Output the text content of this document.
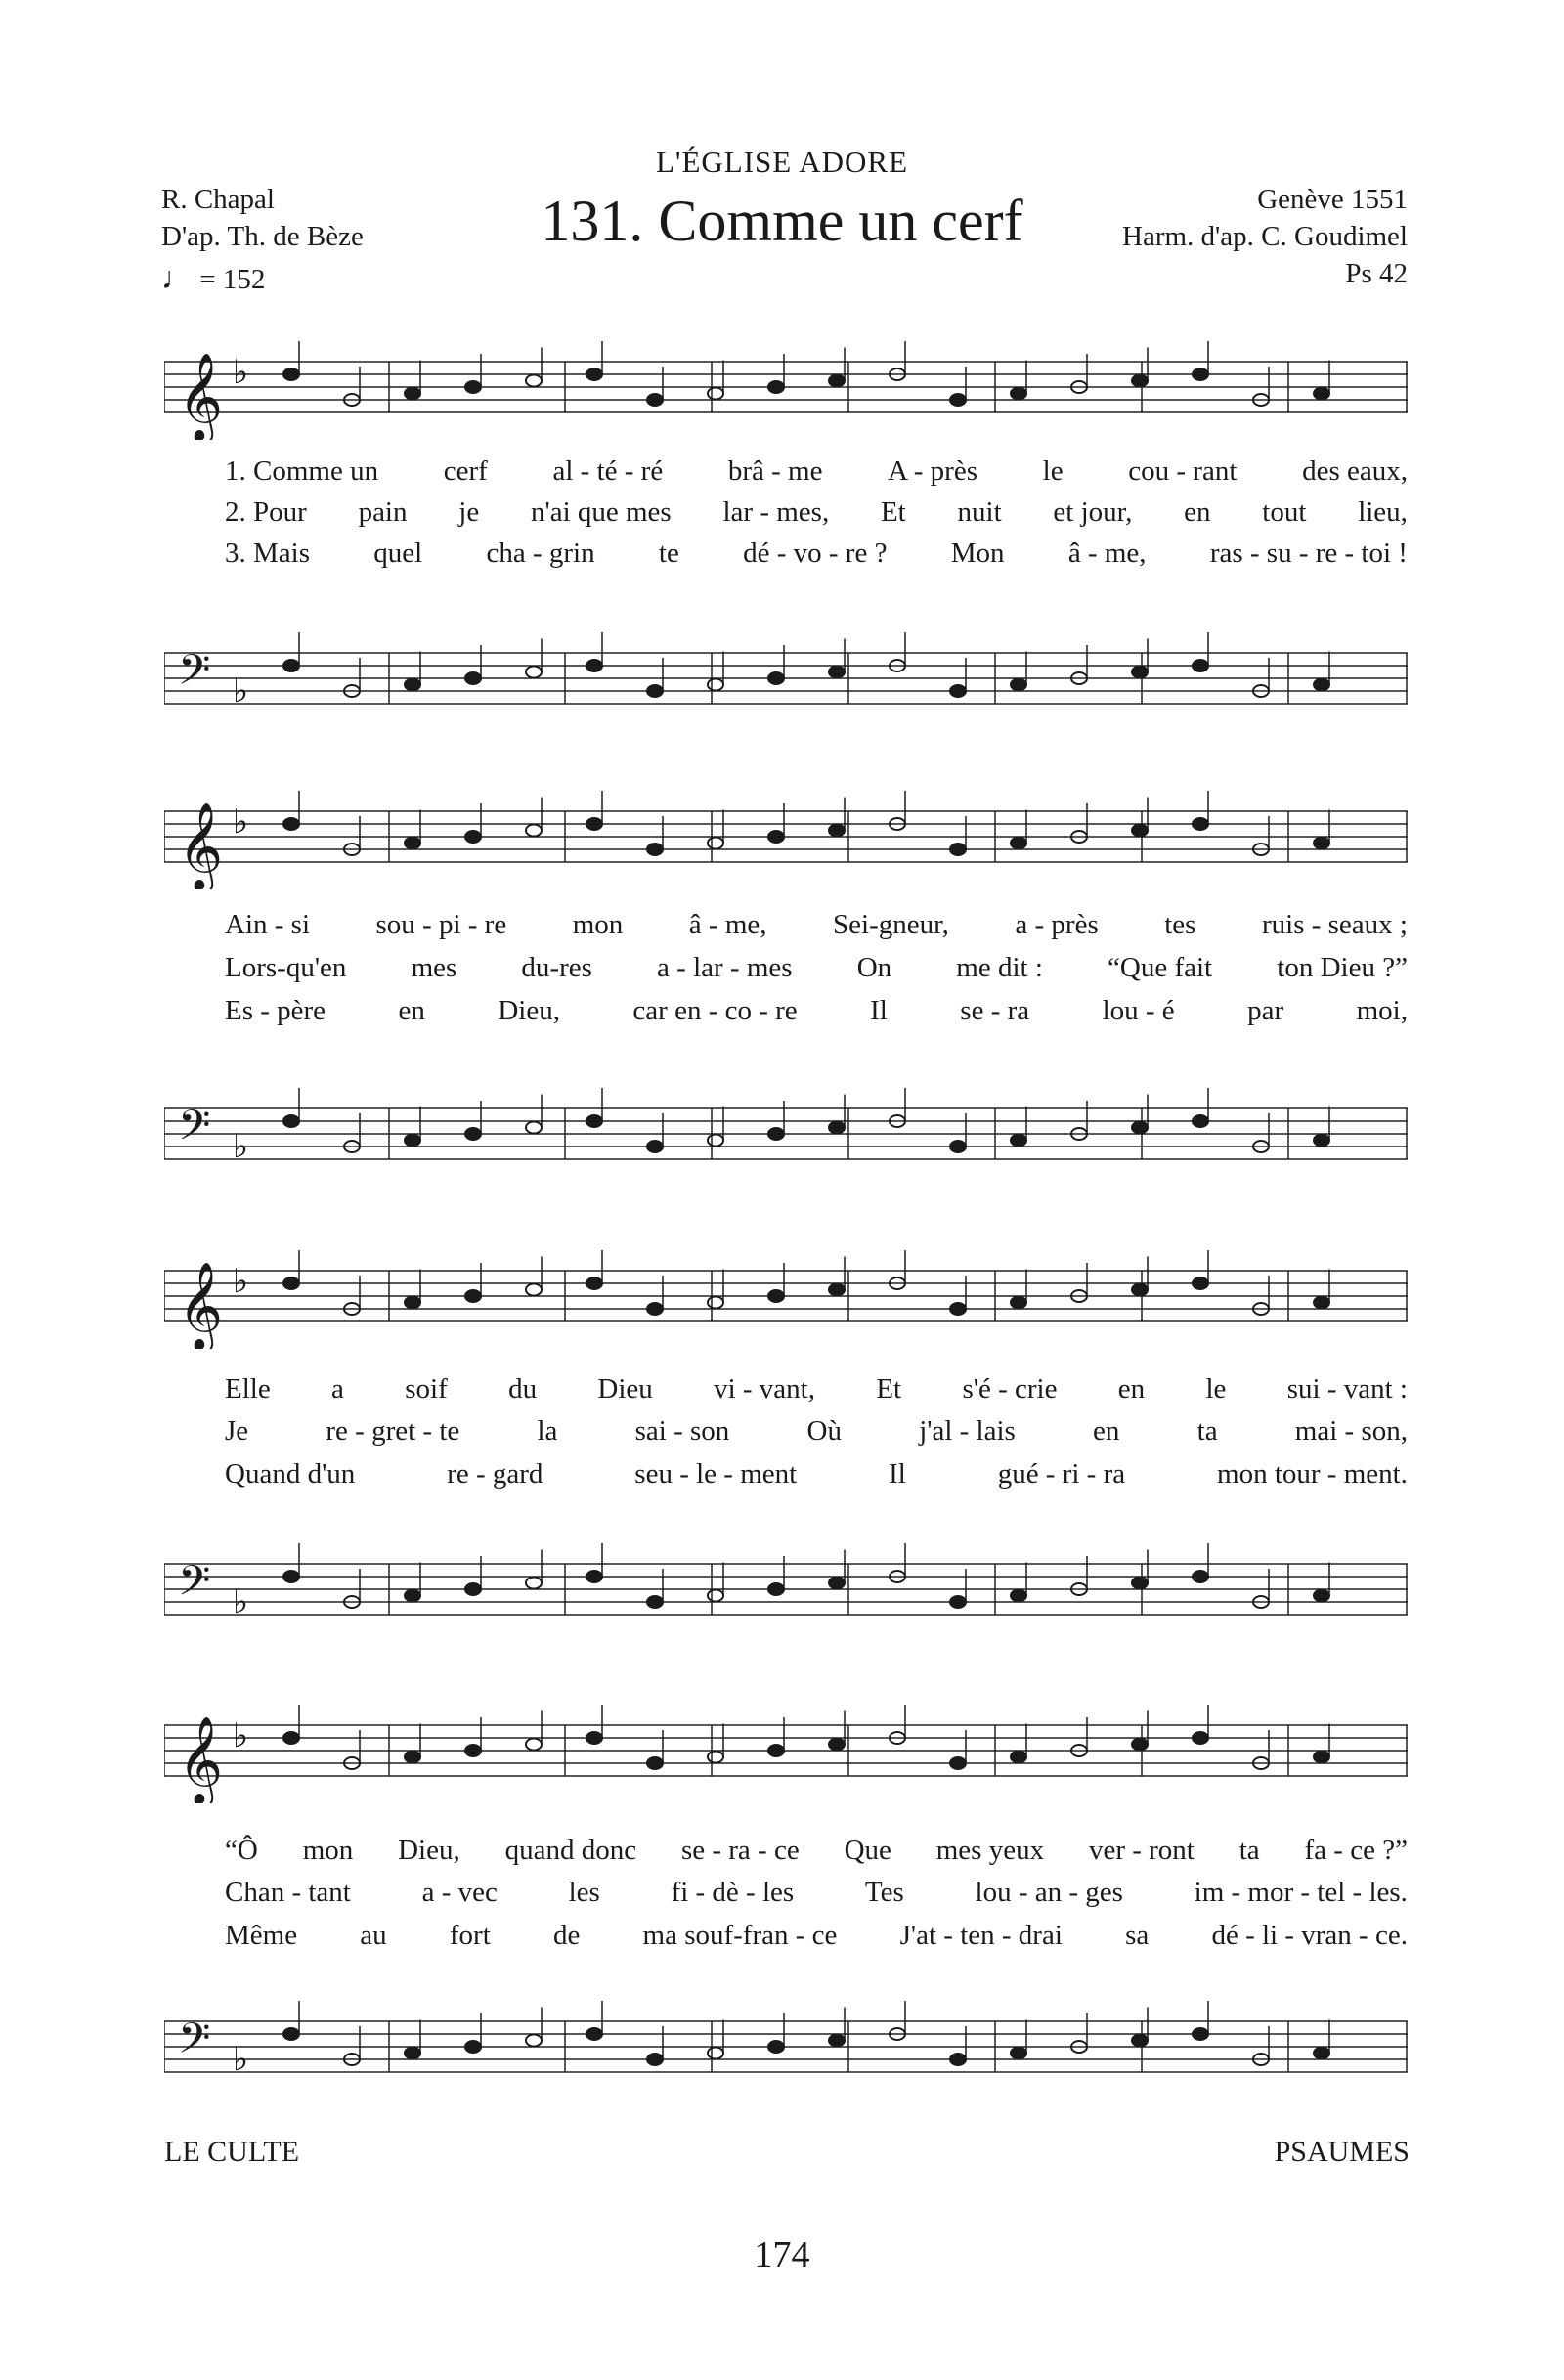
L'ÉGLISE ADORE
131. Comme un cerf
R. Chapal
D'ap. Th. de Bèze
♩ = 152
Genève 1551
Harm. d'ap. C. Goudimel
Ps 42
𝄞 ♭
1. Comme un cerf al - té - ré brâ - me A - près le cou - rant des eaux,
2. Pour pain je n'ai que mes lar - mes, Et nuit et jour, en tout lieu,
3. Mais quel cha - grin te dé - vo - re ? Mon â - me, ras - su - re - toi !
𝄢 ♭
𝄞 ♭
Ain - si sou - pi - re mon â - me, Sei-gneur, a - près tes ruis - seaux ;
Lors-qu'en mes du-res a - lar - mes On me dit : “Que fait ton Dieu ?”
Es - père	en	Dieu,	car en - co - re	Il	se - ra	lou - é	par	moi,
𝄢 ♭
𝄞 ♭
Elle a soif du Dieu vi - vant, Et s'é - crie en le sui - vant :
Je	re - gret - te	la	sai - son	Où	j'al - lais	en	ta	mai - son,
Quand d'un	re - gard	seu - le - ment	Il	gué - ri - ra	mon tour - ment.
𝄢 ♭
𝄞 ♭
“Ô mon Dieu, quand donc se - ra - ce Que mes yeux ver - ront ta fa - ce ?”
Chan - tant	a - vec	les	fi - dè - les	Tes	lou - an - ges	im - mor - tel - les.
Même au fort de ma souf-fran - ce J'at - ten - drai sa dé - li - vran - ce.
𝄢 ♭
LE CULTE	PSAUMES
174
